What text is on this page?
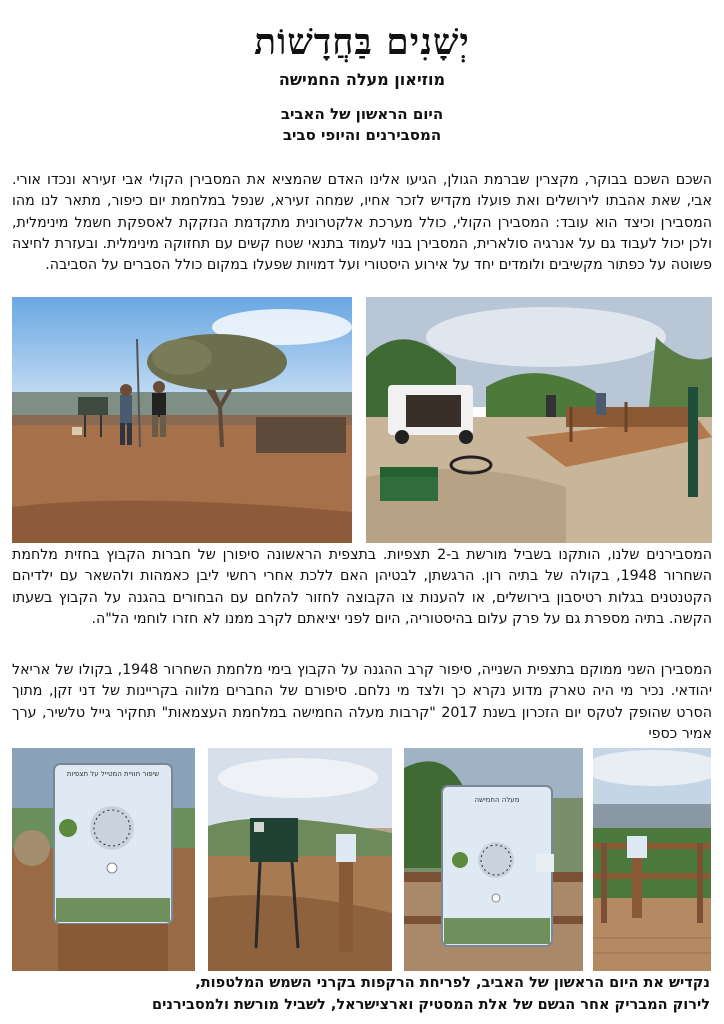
יְשָׁנִים בַּחֲדָשׁוֹת
מוזיאון מעלה החמישה
היום הראשון של האביב
המסבירנים והיופי סביב
השכם השכם בבוקר, מקצרין שברמת הגולן, הגיעו אלינו האדם שהמציא את המסבירן הקולי אבי זעירא ונכדו אורי. אבי, שאת אהבתו לירושלים ואת פועלו מקדיש לזכר אחיו, שמחה זעירא, שנפל במלחמת יום כיפור, מתאר לנו מהו המסבירן וכיצד הוא עובד: המסבירן הקולי, כולל מערכת אלקטרונית מתקדמת הנזקקת לאספקת חשמל מינימלית, ולכן יכול לעבוד גם על אנרגיה סולארית, המסבירן בנוי לעמוד בתנאי שטח קשים עם תחזוקה מינימלית. ובעזרת לחיצה פשוטה על כפתור מקשיבים ולומדים יחד על אירוע היסטורי ועל דמויות שפעלו במקום כולל הסברים על הסביבה.
המסבירנים שלנו, הותקנו בשביל מורשת ב-2 תצפיות. בתצפית הראשונה סיפורן של חברות הקבוץ בחזית מלחמת השחרור 1948, בקולה של בתיה רון. הרגשתן, לבטיהן האם ללכת אחרי רחשי ליבן כאמהות ולהשאר עם ילדיהם הקטנטנים בגלות רטיסבון בירושלים, או להענות צו הקבוצה לחזור להלחם עם הבחורים בהגנה על הקבוץ בשעתו הקשה. בתיה מספרת גם על פרק עלום בהיסטוריה, היום לפני יציאתם לקרב ממנו לא חזרו לוחמי הל"ה.
המסבירן השני ממוקם בתצפית השנייה, סיפור קרב ההגנה על הקבוץ בימי מלחמת השחרור 1948, בקולו של אריאל יהודאי. נכיר מי היה טארק מדוע נקרא כך ולצד מי נלחם. סיפורם של החברים מלווה בקריינות של דני זקן, מתוך הסרט שהופק לטקס יום הזכרון בשנת 2017 "קרבות מעלה החמישה במלחמת העצמאות" תחקיר גייל טלשיר, ערך אמיר כספי
שיפור חוויית המטייל על תצפיות
מעלה החמישה
נקדיש את היום הראשון של האביב, לפריחת הרקפות בקרני השמש המלטפות,
לירוק המבריק אחר הגשם של אלת המסטיק וארצישראל, לשביל מורשת ולמסבירנים
